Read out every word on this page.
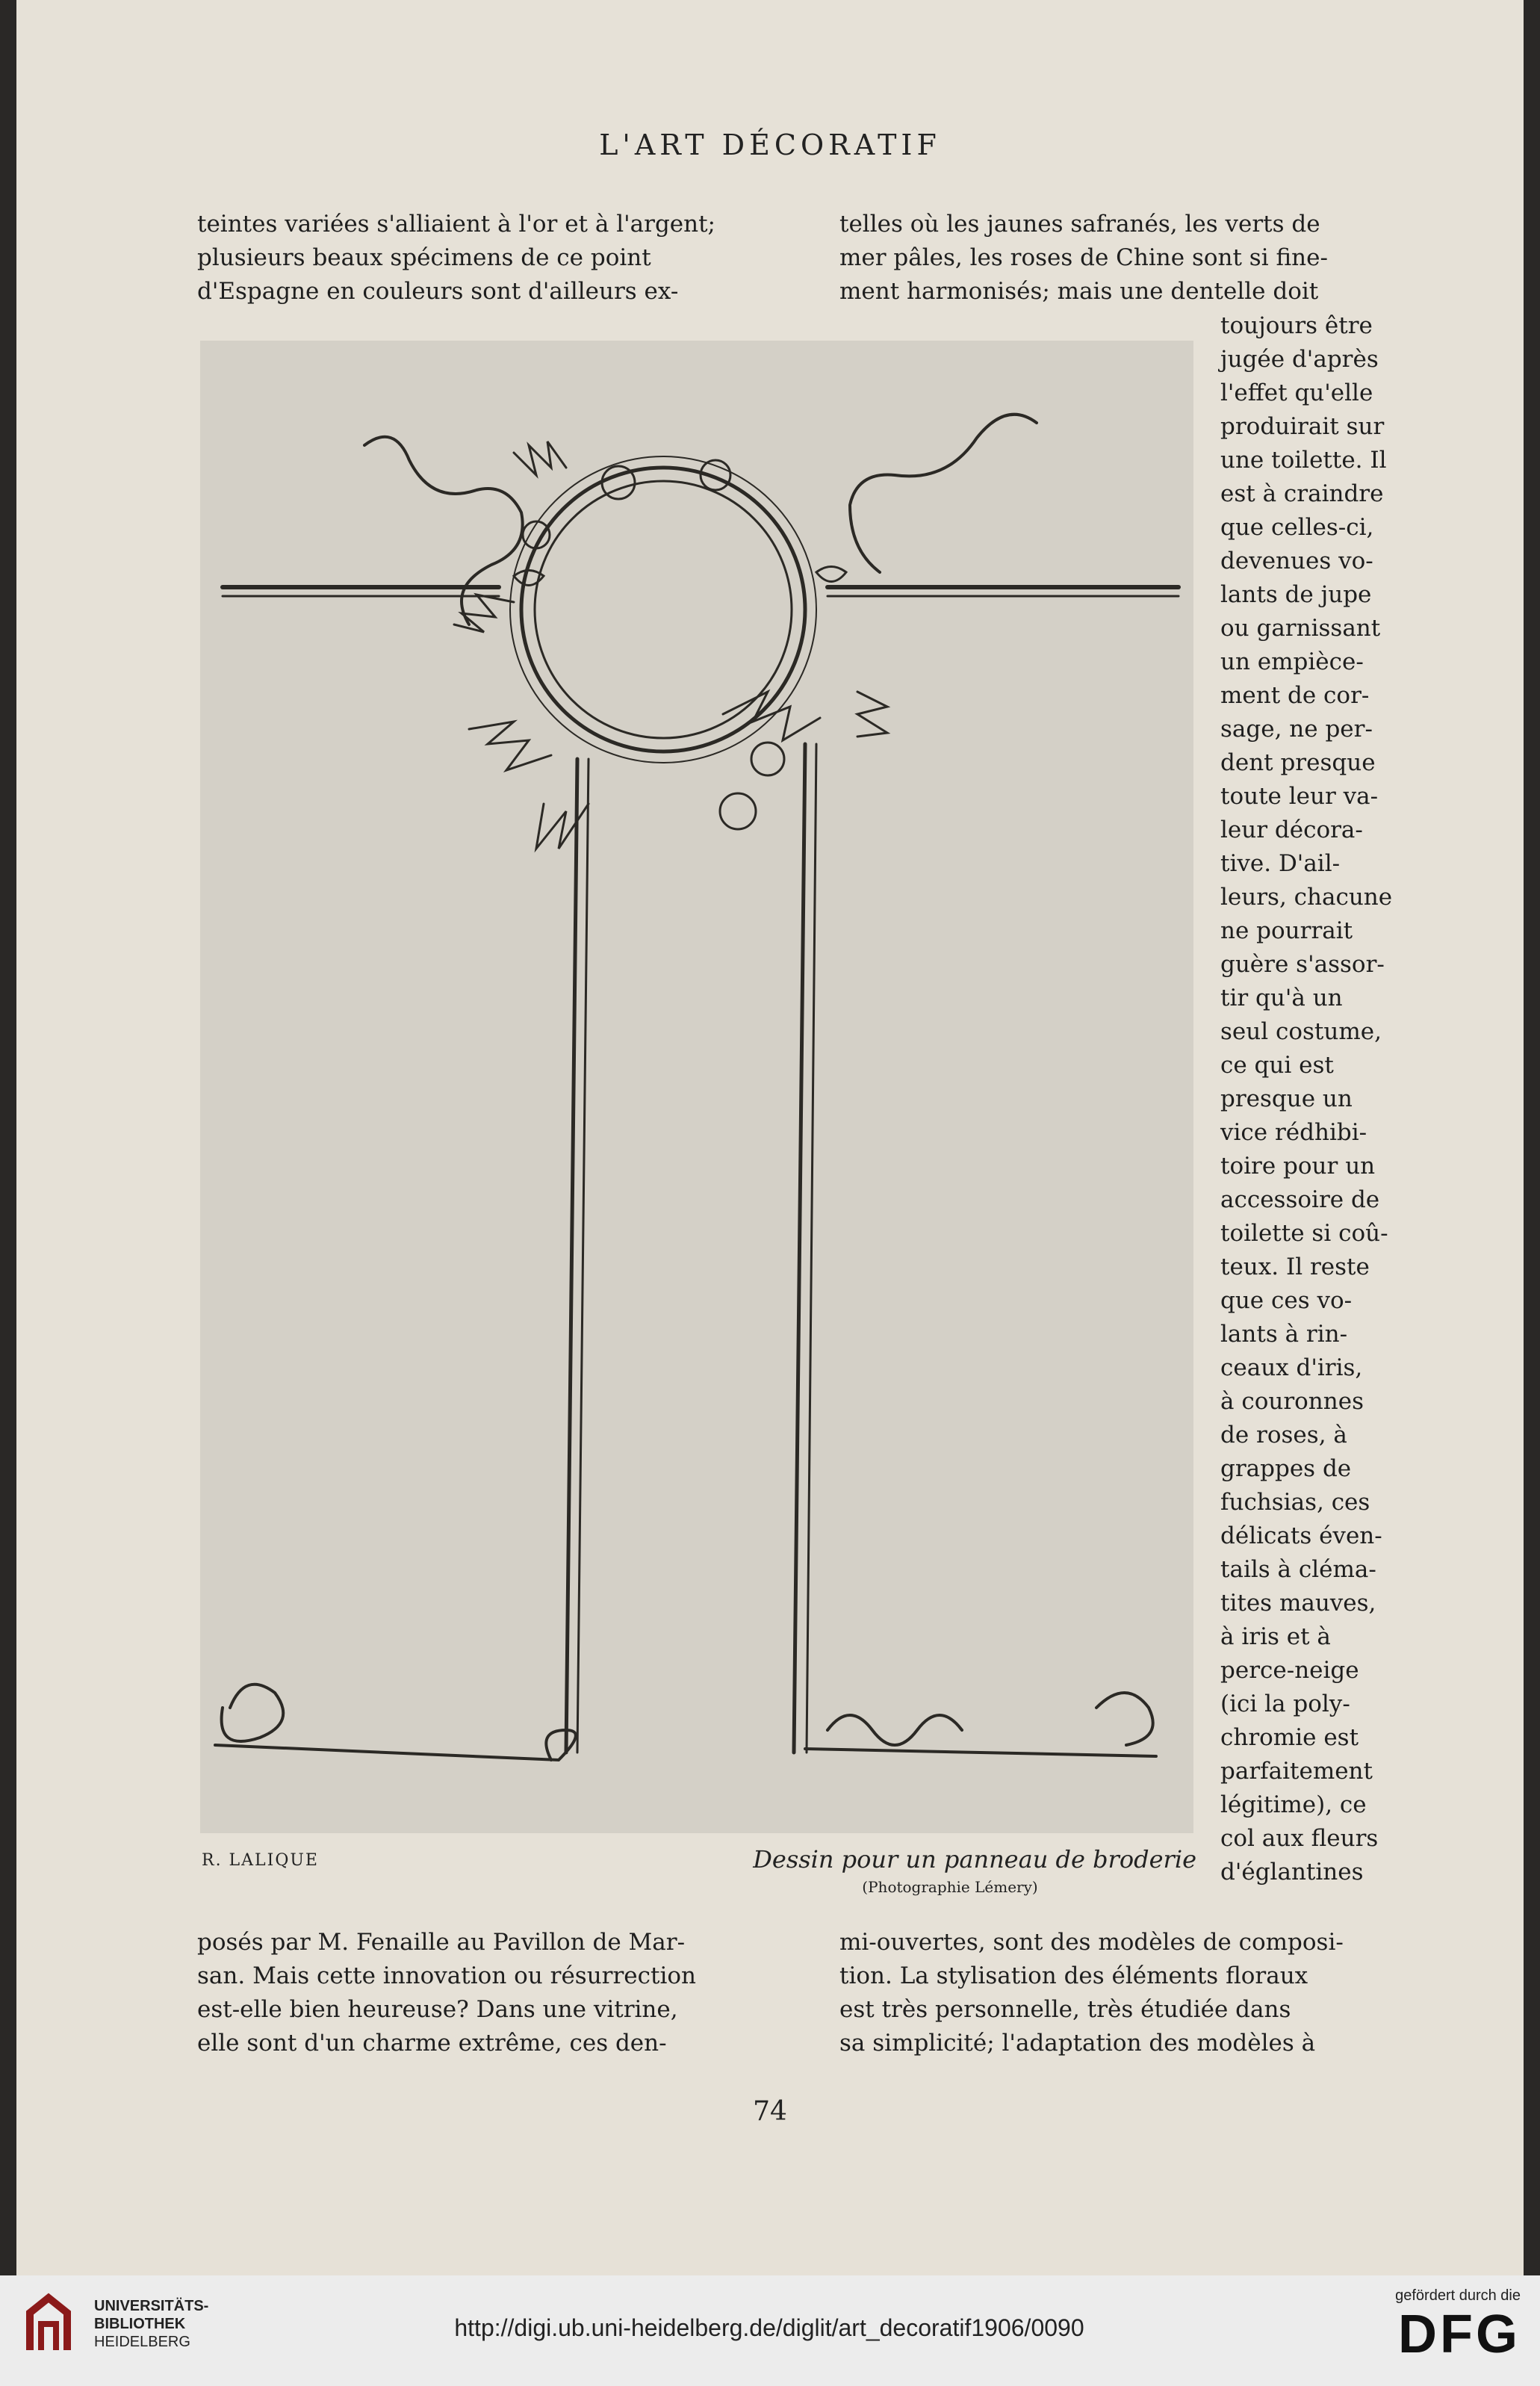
L'ART DÉCORATIF

teintes variées s'alliaient à l'or et à l'argent;

plusieurs beaux spécimens de ce point

d'Espagne en couleurs sont d'ailleurs ex-

telles où les jaunes safranés, les verts de

mer pâles, les roses de Chine sont si fine-

ment harmonisés; mais une dentelle doit

toujours être

jugée d'après

l'effet qu'elle

produirait sur

une toilette. Il

est à craindre

que celles-ci,

devenues vo-

lants de jupe

ou garnissant

un empiècе-

ment de cor-

sage, ne per-

dent presque

toute leur va-

leur décora-

tive. D'ail-

leurs, chacune

ne pourrait

guère s'assor-

tir qu'à un

seul costume,

ce qui est

presque un

vice rédhibi-

toire pour un

accessoire de

toilette si coû-

teux. Il reste

que ces vo-

lants à rin-

ceaux d'iris,

à couronnes

de roses, à

grappes de

fuchsias, ces

délicats évеn-

tails à cléma-

tites mauves,

à iris et à

perce-neige

(ici la poly-

chromie est

parfaitement

légitime), ce

col aux fleurs

d'églantines

R. LALIQUE	Dessin pour un panneau de broderie
(Photographie Lémery)

posés par M. Fenaille au Pavillon de Mar-

san. Mais cette innovation ou résurrection

est-elle bien heureuse? Dans une vitrine,

elle sont d'un charme extrême, ces den-

mi-ouvertes, sont des modèles de composi-

tion. La stylisation des éléments floraux

est très personnelle, très étudiée dans

sa simplicité; l'adaptation des modèles à

74
UNIVERSITÄTS-
BIBLIOTHEK
HEIDELBERG
http://digi.ub.uni-heidelberg.de/diglit/art_decoratif1906/0090
gefördert durch die
DFG
